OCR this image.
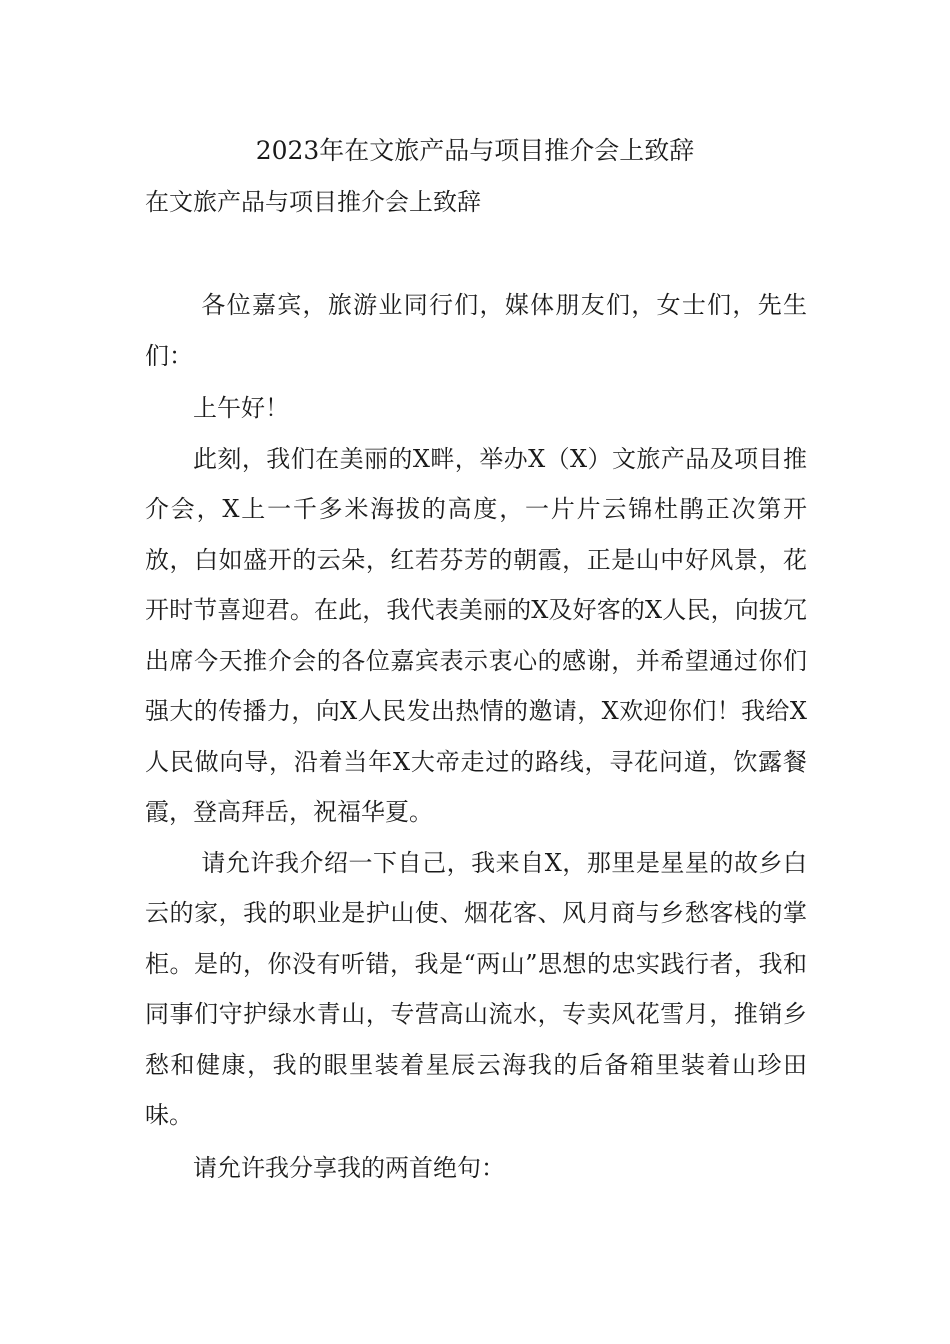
2023年在文旅产品与项目推介会上致辞
在文旅产品与项目推介会上致辞

各位嘉宾，旅游业同行们，媒体朋友们，女士们，先生们：

上午好！

此刻，我们在美丽的X畔，举办X（X）文旅产品及项目推介会，X上一千多米海拔的高度，一片片云锦杜鹃正次第开放，白如盛开的云朵，红若芬芳的朝霞，正是山中好风景，花开时节喜迎君。在此，我代表美丽的X及好客的X人民，向拔冗出席今天推介会的各位嘉宾表示衷心的感谢，并希望通过你们强大的传播力，向X人民发出热情的邀请，X欢迎你们！我给X人民做向导，沿着当年X大帝走过的路线，寻花问道，饮露餐霞，登高拜岳，祝福华夏。

请允许我介绍一下自己，我来自X，那里是星星的故乡白云的家，我的职业是护山使、烟花客、风月商与乡愁客栈的掌柜。是的，你没有听错，我是“两山”思想的忠实践行者，我和同事们守护绿水青山，专营高山流水，专卖风花雪月，推销乡愁和健康，我的眼里装着星辰云海我的后备箱里装着山珍田味。

请允许我分享我的两首绝句：
